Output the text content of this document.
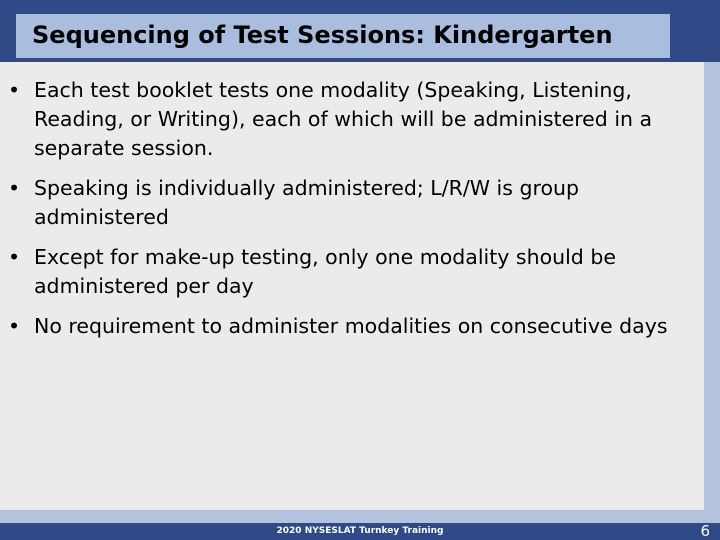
Sequencing of Test Sessions: Kindergarten
• Each test booklet tests one modality (Speaking, Listening, Reading, or Writing), each of which will be administered in a separate session.
• Speaking is individually administered; L/R/W is group administered
• Except for make-up testing, only one modality should be administered per day
• No requirement to administer modalities on consecutive days
2020 NYSESLAT Turnkey Training	6
